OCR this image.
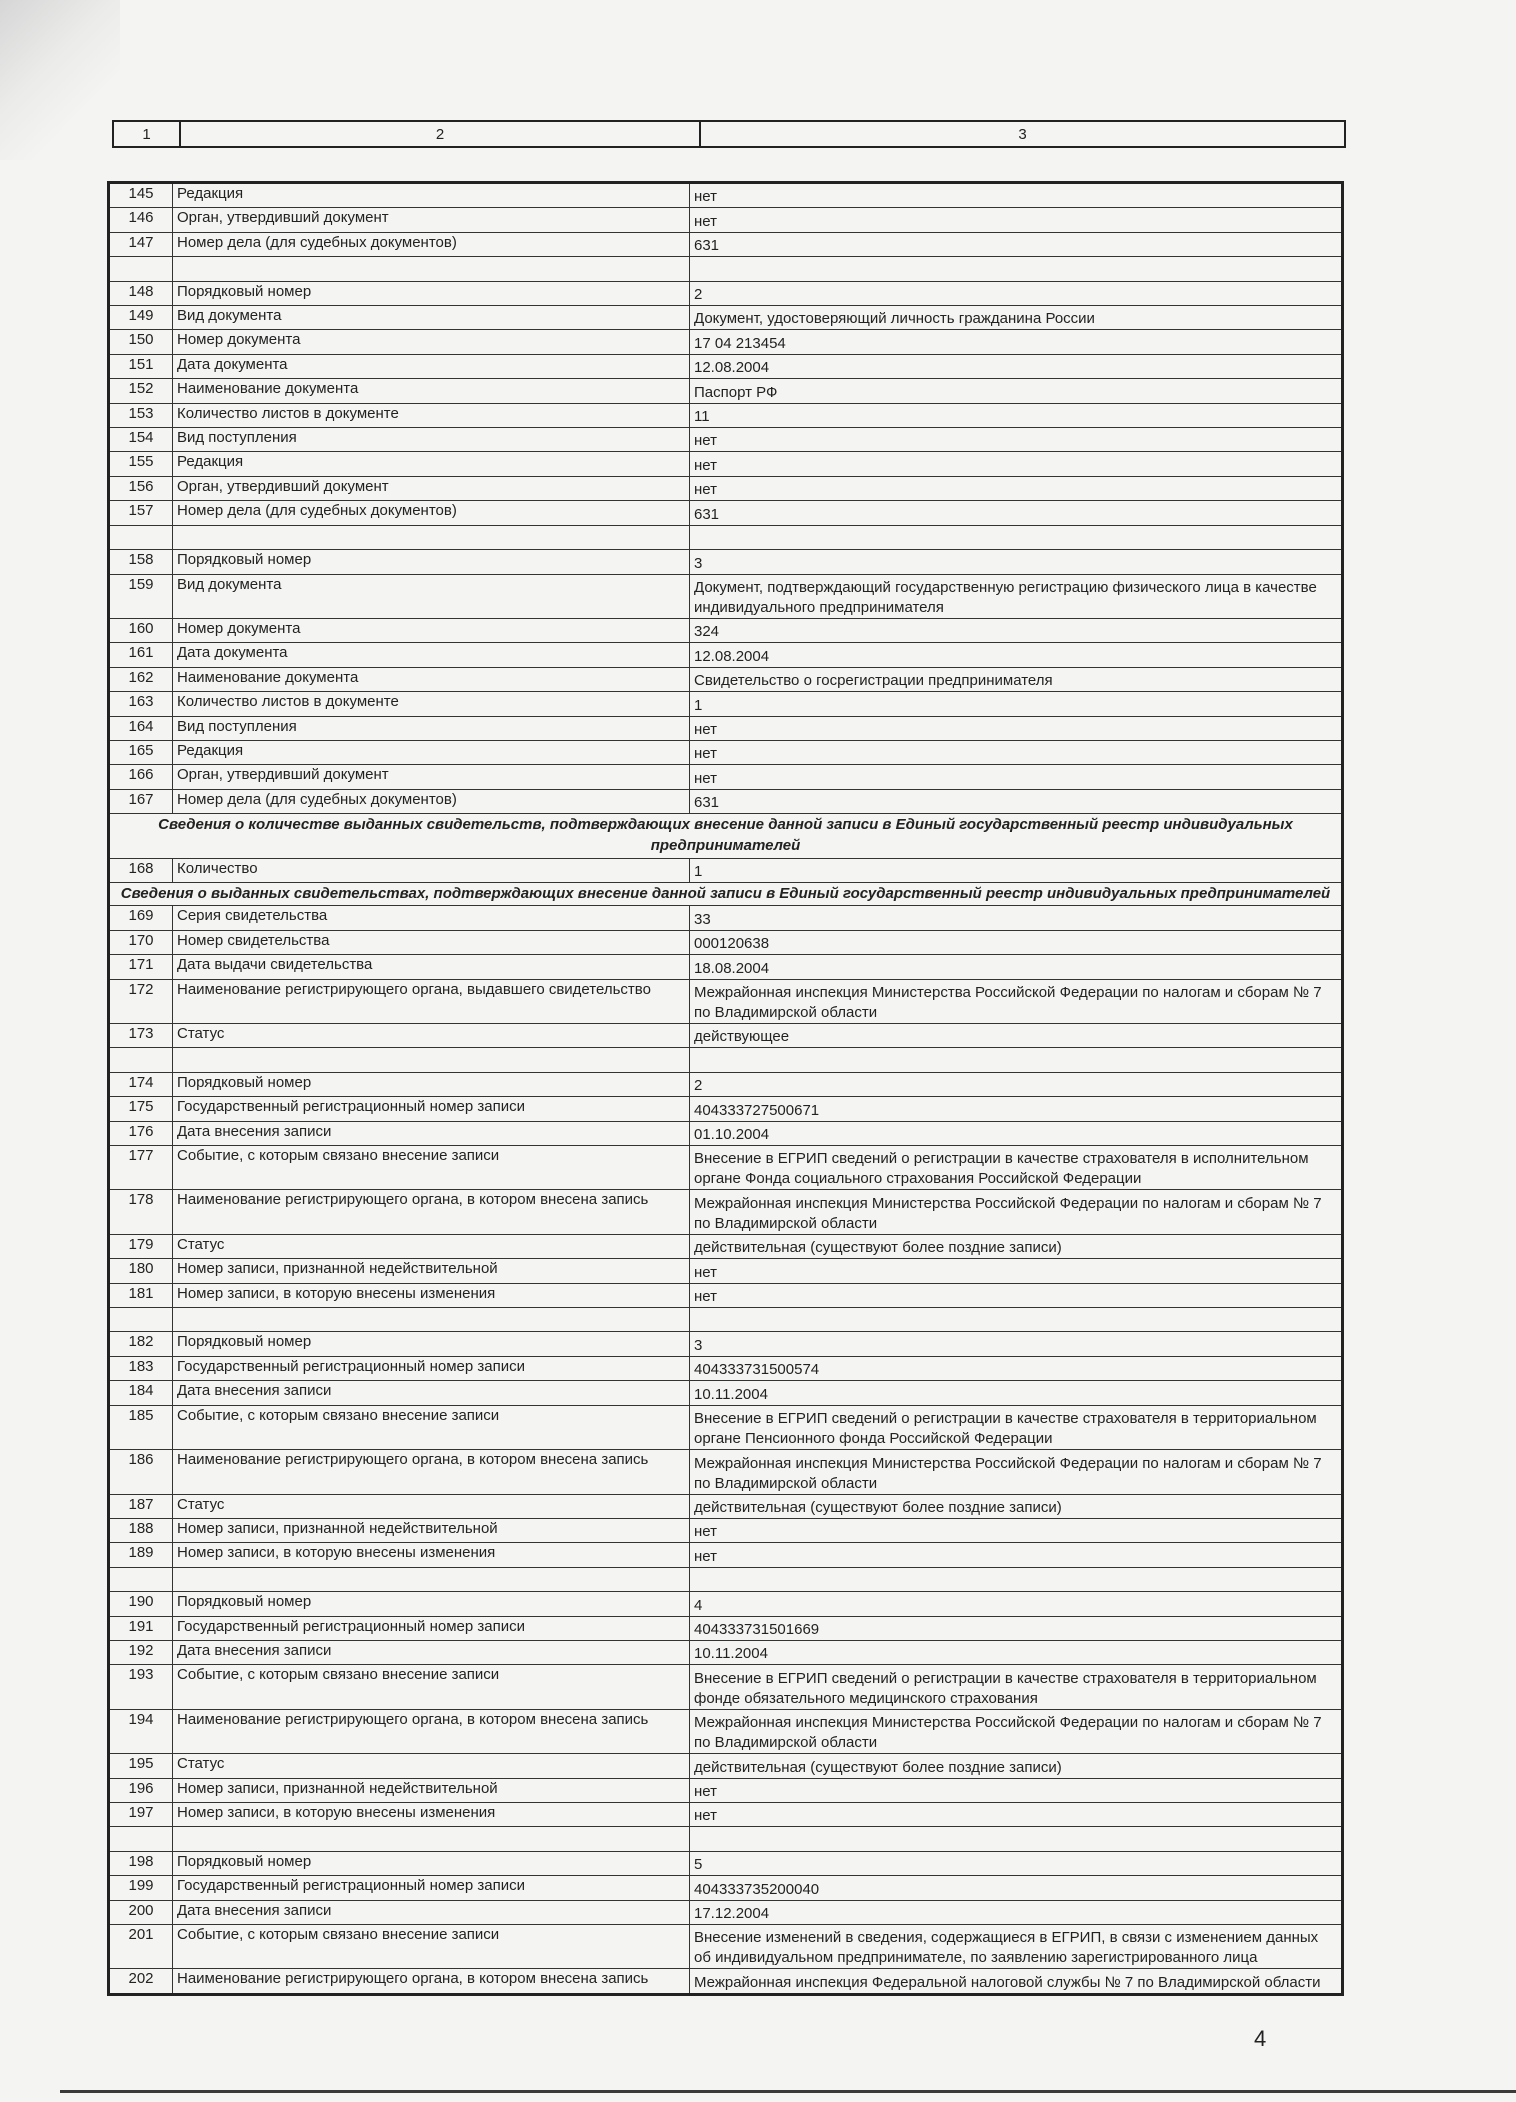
1	2	3
145	Редакция	нет
146	Орган, утвердивший документ	нет
147	Номер дела (для судебных документов)	631

148	Порядковый номер	2
149	Вид документа	Документ, удостоверяющий личность гражданина России
150	Номер документа	17 04 213454
151	Дата документа	12.08.2004
152	Наименование документа	Паспорт РФ
153	Количество листов в документе	11
154	Вид поступления	нет
155	Редакция	нет
156	Орган, утвердивший документ	нет
157	Номер дела (для судебных документов)	631

158	Порядковый номер	3
159	Вид документа	Документ, подтверждающий государственную регистрацию физического лица в качестве индивидуального предпринимателя
160	Номер документа	324
161	Дата документа	12.08.2004
162	Наименование документа	Свидетельство о госрегистрации предпринимателя
163	Количество листов в документе	1
164	Вид поступления	нет
165	Редакция	нет
166	Орган, утвердивший документ	нет
167	Номер дела (для судебных документов)	631
Сведения о количестве выданных свидетельств, подтверждающих внесение данной записи в Единый государственный реестр индивидуальных предпринимателей		
168	Количество	1
Сведения о выданных свидетельствах, подтверждающих внесение данной записи в Единый государственный реестр индивидуальных предпринимателей		
169	Серия свидетельства	33
170	Номер свидетельства	000120638
171	Дата выдачи свидетельства	18.08.2004
172	Наименование регистрирующего органа, выдавшего свидетельство	Межрайонная инспекция Министерства Российской Федерации по налогам и сборам № 7 по Владимирской области
173	Статус	действующее

174	Порядковый номер	2
175	Государственный регистрационный номер записи	404333727500671
176	Дата внесения записи	01.10.2004
177	Событие, с которым связано внесение записи	Внесение в ЕГРИП сведений о регистрации в качестве страхователя в исполнительном органе Фонда социального страхования Российской Федерации
178	Наименование регистрирующего органа, в котором внесена запись	Межрайонная инспекция Министерства Российской Федерации по налогам и сборам № 7 по Владимирской области
179	Статус	действительная (существуют более поздние записи)
180	Номер записи, признанной недействительной	нет
181	Номер записи, в которую внесены изменения	нет

182	Порядковый номер	3
183	Государственный регистрационный номер записи	404333731500574
184	Дата внесения записи	10.11.2004
185	Событие, с которым связано внесение записи	Внесение в ЕГРИП сведений о регистрации в качестве страхователя в территориальном органе Пенсионного фонда Российской Федерации
186	Наименование регистрирующего органа, в котором внесена запись	Межрайонная инспекция Министерства Российской Федерации по налогам и сборам № 7 по Владимирской области
187	Статус	действительная (существуют более поздние записи)
188	Номер записи, признанной недействительной	нет
189	Номер записи, в которую внесены изменения	нет

190	Порядковый номер	4
191	Государственный регистрационный номер записи	404333731501669
192	Дата внесения записи	10.11.2004
193	Событие, с которым связано внесение записи	Внесение в ЕГРИП сведений о регистрации в качестве страхователя в территориальном фонде обязательного медицинского страхования
194	Наименование регистрирующего органа, в котором внесена запись	Межрайонная инспекция Министерства Российской Федерации по налогам и сборам № 7 по Владимирской области
195	Статус	действительная (существуют более поздние записи)
196	Номер записи, признанной недействительной	нет
197	Номер записи, в которую внесены изменения	нет

198	Порядковый номер	5
199	Государственный регистрационный номер записи	404333735200040
200	Дата внесения записи	17.12.2004
201	Событие, с которым связано внесение записи	Внесение изменений в сведения, содержащиеся в ЕГРИП, в связи с изменением данных об индивидуальном предпринимателе, по заявлению зарегистрированного лица
202	Наименование регистрирующего органа, в котором внесена запись	Межрайонная инспекция Федеральной налоговой службы № 7 по Владимирской области
4
